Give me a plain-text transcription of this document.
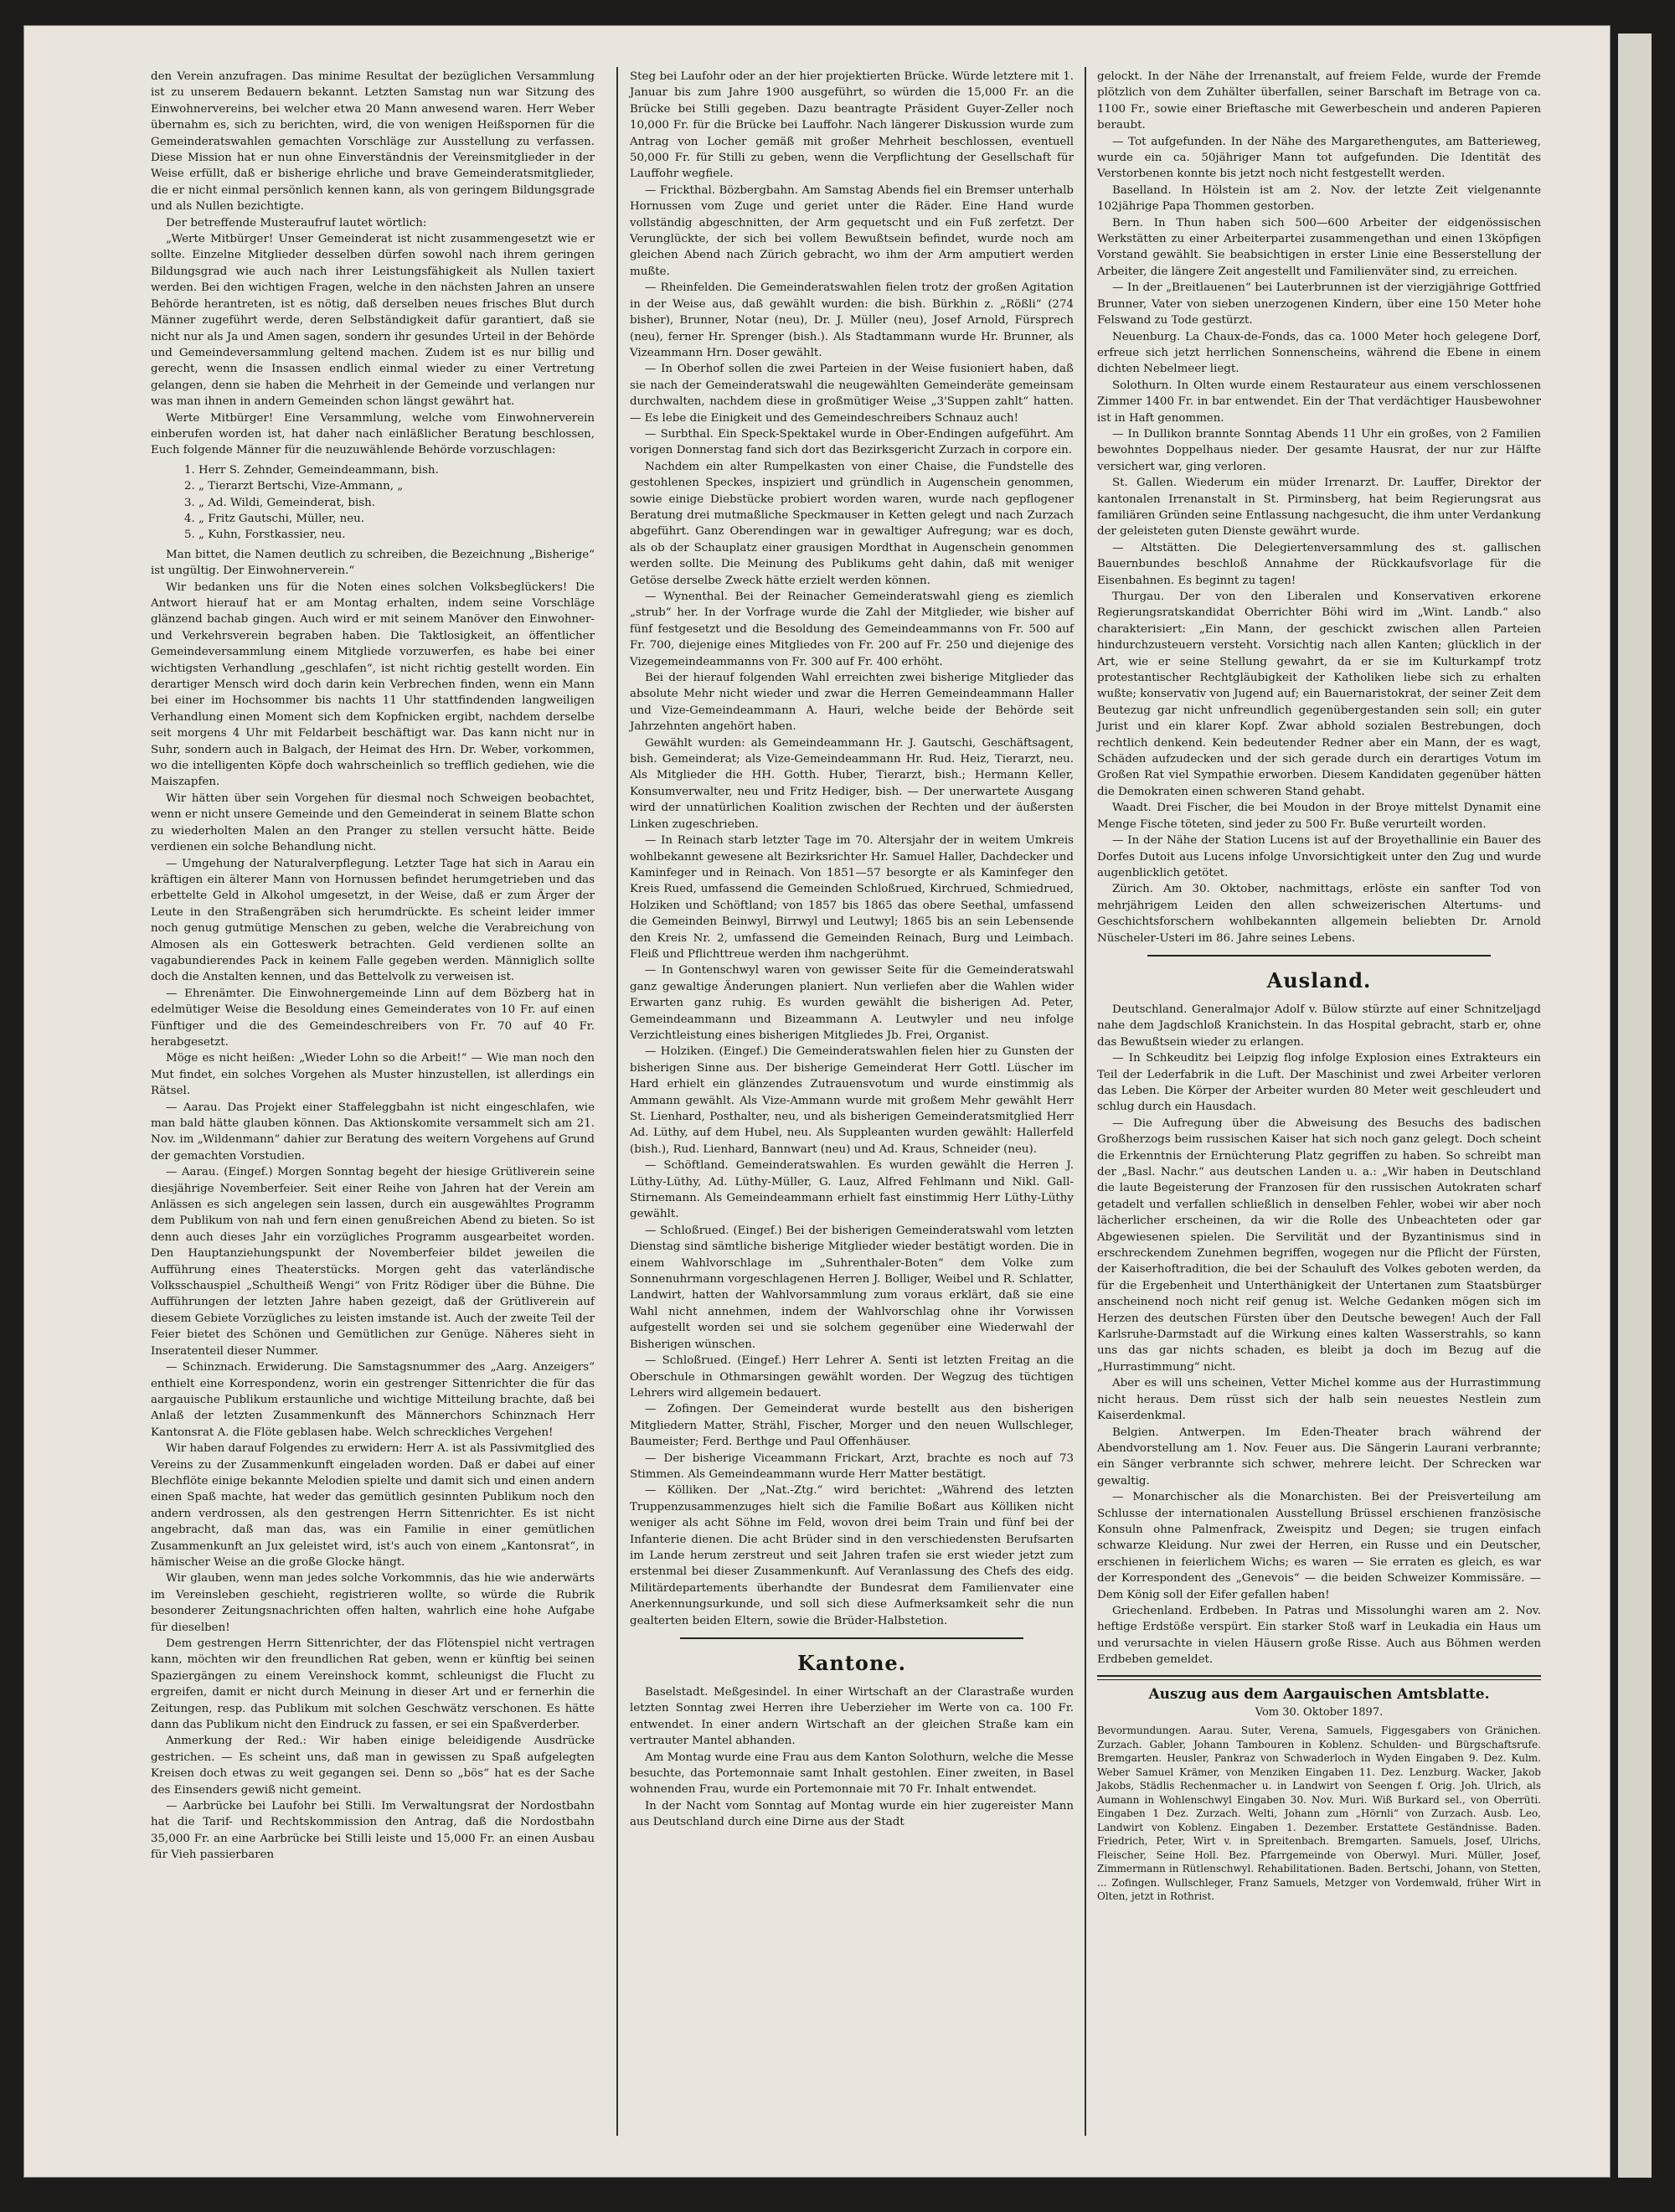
den Verein anzufragen. Das minime Resultat der bezüglichen Versammlung ist zu unserem Bedauern bekannt. Letzten Samstag nun war Sitzung des Einwohnervereins, bei welcher etwa 20 Mann anwesend waren. Herr Weber übernahm es, sich zu berichten, wird, die von wenigen Heißspornen für die Gemeinderatswahlen gemachten Vorschläge zur Ausstellung zu verfassen. Diese Mission hat er nun ohne Einverständnis der Vereinsmitglieder in der Weise erfüllt, daß er bisherige ehrliche und brave Gemeinderatsmitglieder, die er nicht einmal persönlich kennen kann, als von geringem Bildungsgrade und als Nullen bezichtigte.

Der betreffende Musteraufruf lautet wörtlich:

„Werte Mitbürger! Unser Gemeinderat ist nicht zusammengesetzt wie er sollte. Einzelne Mitglieder desselben dürfen sowohl nach ihrem geringen Bildungsgrad wie auch nach ihrer Leistungsfähigkeit als Nullen taxiert werden. Bei den wichtigen Fragen, welche in den nächsten Jahren an unsere Behörde herantreten, ist es nötig, daß derselben neues frisches Blut durch Männer zugeführt werde, deren Selbständigkeit dafür garantiert, daß sie nicht nur als Ja und Amen sagen, sondern ihr gesundes Urteil in der Behörde und Gemeindeversammlung geltend machen. Zudem ist es nur billig und gerecht, wenn die Insassen endlich einmal wieder zu einer Vertretung gelangen, denn sie haben die Mehrheit in der Gemeinde und verlangen nur was man ihnen in andern Gemeinden schon längst gewährt hat.

Werte Mitbürger! Eine Versammlung, welche vom Einwohnerverein einberufen worden ist, hat daher nach einläßlicher Beratung beschlossen, Euch folgende Männer für die neuzuwählende Behörde vorzuschlagen:

1. Herr S. Zehnder, Gemeindeammann, bish.
2. „ Tierarzt Bertschi, Vize-Ammann, „
3. „ Ad. Wildi, Gemeinderat, bish.
4. „ Fritz Gautschi, Müller, neu.
5. „ Kuhn, Forstkassier, neu.

Man bittet, die Namen deutlich zu schreiben, die Bezeichnung „Bisherige“ ist ungültig. Der Einwohnerverein.“

Wir bedanken uns für die Noten eines solchen Volksbeglückers! Die Antwort hierauf hat er am Montag erhalten, indem seine Vorschläge glänzend bachab gingen. Auch wird er mit seinem Manöver den Einwohner- und Verkehrsverein begraben haben. Die Taktlosigkeit, an öffentlicher Gemeindeversammlung einem Mitgliede vorzuwerfen, es habe bei einer wichtigsten Verhandlung „geschlafen“, ist nicht richtig gestellt worden. Ein derartiger Mensch wird doch darin kein Verbrechen finden, wenn ein Mann bei einer im Hochsommer bis nachts 11 Uhr stattfindenden langweiligen Verhandlung einen Moment sich dem Kopfnicken ergibt, nachdem derselbe seit morgens 4 Uhr mit Feldarbeit beschäftigt war. Das kann nicht nur in Suhr, sondern auch in Balgach, der Heimat des Hrn. Dr. Weber, vorkommen, wo die intelligenten Köpfe doch wahrscheinlich so trefflich gediehen, wie die Maiszapfen.

Wir hätten über sein Vorgehen für diesmal noch Schweigen beobachtet, wenn er nicht unsere Gemeinde und den Gemeinderat in seinem Blatte schon zu wiederholten Malen an den Pranger zu stellen versucht hätte. Beide verdienen ein solche Behandlung nicht.

— Umgehung der Naturalverpflegung. Letzter Tage hat sich in Aarau ein kräftigen ein älterer Mann von Hornussen befindet herumgetrieben und das erbettelte Geld in Alkohol umgesetzt, in der Weise, daß er zum Ärger der Leute in den Straßengräben sich herumdrückte. Es scheint leider immer noch genug gutmütige Menschen zu geben, welche die Verabreichung von Almosen als ein Gotteswerk betrachten. Geld verdienen sollte an vagabundierendes Pack in keinem Falle gegeben werden. Männiglich sollte doch die Anstalten kennen, und das Bettelvolk zu verweisen ist.

— Ehrenämter. Die Einwohnergemeinde Linn auf dem Bözberg hat in edelmütiger Weise die Besoldung eines Gemeinderates von 10 Fr. auf einen Fünftiger und die des Gemeindeschreibers von Fr. 70 auf 40 Fr. herabgesetzt.

Möge es nicht heißen: „Wieder Lohn so die Arbeit!“ — Wie man noch den Mut findet, ein solches Vorgehen als Muster hinzustellen, ist allerdings ein Rätsel.

— Aarau. Das Projekt einer Staffeleggbahn ist nicht eingeschlafen, wie man bald hätte glauben können. Das Aktionskomite versammelt sich am 21. Nov. im „Wildenmann“ dahier zur Beratung des weitern Vorgehens auf Grund der gemachten Vorstudien.

— Aarau. (Eingef.) Morgen Sonntag begeht der hiesige Grütliverein seine diesjährige Novemberfeier. Seit einer Reihe von Jahren hat der Verein am Anlässen es sich angelegen sein lassen, durch ein ausgewähltes Programm dem Publikum von nah und fern einen genußreichen Abend zu bieten. So ist denn auch dieses Jahr ein vorzügliches Programm ausgearbeitet worden. Den Hauptanziehungspunkt der Novemberfeier bildet jeweilen die Aufführung eines Theaterstücks. Morgen geht das vaterländische Volksschauspiel „Schultheiß Wengi“ von Fritz Rödiger über die Bühne. Die Aufführungen der letzten Jahre haben gezeigt, daß der Grütliverein auf diesem Gebiete Vorzügliches zu leisten imstande ist. Auch der zweite Teil der Feier bietet des Schönen und Gemütlichen zur Genüge. Näheres sieht in Inseratenteil dieser Nummer.

— Schinznach. Erwiderung. Die Samstagsnummer des „Aarg. Anzeigers“ enthielt eine Korrespondenz, worin ein gestrenger Sittenrichter die für das aargauische Publikum erstaunliche und wichtige Mitteilung brachte, daß bei Anlaß der letzten Zusammenkunft des Männerchors Schinznach Herr Kantonsrat A. die Flöte geblasen habe. Welch schreckliches Vergehen!

Wir haben darauf Folgendes zu erwidern: Herr A. ist als Passivmitglied des Vereins zu der Zusammenkunft eingeladen worden. Daß er dabei auf einer Blechflöte einige bekannte Melodien spielte und damit sich und einen andern einen Spaß machte, hat weder das gemütlich gesinnten Publikum noch den andern verdrossen, als den gestrengen Herrn Sittenrichter. Es ist nicht angebracht, daß man das, was ein Familie in einer gemütlichen Zusammenkunft an Jux geleistet wird, ist's auch von einem „Kantonsrat“, in hämischer Weise an die große Glocke hängt.

Wir glauben, wenn man jedes solche Vorkommnis, das hie wie anderwärts im Vereinsleben geschieht, registrieren wollte, so würde die Rubrik besonderer Zeitungsnachrichten offen halten, wahrlich eine hohe Aufgabe für dieselben!

Dem gestrengen Herrn Sittenrichter, der das Flötenspiel nicht vertragen kann, möchten wir den freundlichen Rat geben, wenn er künftig bei seinen Spaziergängen zu einem Vereinshock kommt, schleunigst die Flucht zu ergreifen, damit er nicht durch Meinung in dieser Art und er fernerhin die Zeitungen, resp. das Publikum mit solchen Geschwätz verschonen. Es hätte dann das Publikum nicht den Eindruck zu fassen, er sei ein Spaßverderber.

Anmerkung der Red.: Wir haben einige beleidigende Ausdrücke gestrichen. — Es scheint uns, daß man in gewissen zu Spaß aufgelegten Kreisen doch etwas zu weit gegangen sei. Denn so „bös“ hat es der Sache des Einsenders gewiß nicht gemeint.

— Aarbrücke bei Laufohr bei Stilli. Im Verwaltungsrat der Nordostbahn hat die Tarif- und Rechtskommission den Antrag, daß die Nordostbahn 35,000 Fr. an eine Aarbrücke bei Stilli leiste und 15,000 Fr. an einen Ausbau für Vieh passierbaren

Steg bei Laufohr oder an der hier projektierten Brücke. Würde letztere mit 1. Januar bis zum Jahre 1900 ausgeführt, so würden die 15,000 Fr. an die Brücke bei Stilli gegeben. Dazu beantragte Präsident Guyer-Zeller noch 10,000 Fr. für die Brücke bei Lauffohr. Nach längerer Diskussion wurde zum Antrag von Locher gemäß mit großer Mehrheit beschlossen, eventuell 50,000 Fr. für Stilli zu geben, wenn die Verpflichtung der Gesellschaft für Lauffohr wegfiele.

— Frickthal. Bözbergbahn. Am Samstag Abends fiel ein Bremser unterhalb Hornussen vom Zuge und geriet unter die Räder. Eine Hand wurde vollständig abgeschnitten, der Arm gequetscht und ein Fuß zerfetzt. Der Verunglückte, der sich bei vollem Bewußtsein befindet, wurde noch am gleichen Abend nach Zürich gebracht, wo ihm der Arm amputiert werden mußte.

— Rheinfelden. Die Gemeinderatswahlen fielen trotz der großen Agitation in der Weise aus, daß gewählt wurden: die bish. Bürkhin z. „Rößli“ (274 bisher), Brunner, Notar (neu), Dr. J. Müller (neu), Josef Arnold, Fürsprech (neu), ferner Hr. Sprenger (bish.). Als Stadtammann wurde Hr. Brunner, als Vizeammann Hrn. Doser gewählt.

— In Oberhof sollen die zwei Parteien in der Weise fusioniert haben, daß sie nach der Gemeinderatswahl die neugewählten Gemeinderäte gemeinsam durchwalten, nachdem diese in großmütiger Weise „3'Suppen zahlt“ hatten. — Es lebe die Einigkeit und des Gemeindeschreibers Schnauz auch!

— Surbthal. Ein Speck-Spektakel wurde in Ober-Endingen aufgeführt. Am vorigen Donnerstag fand sich dort das Bezirksgericht Zurzach in corpore ein.

Nachdem ein alter Rumpelkasten von einer Chaise, die Fundstelle des gestohlenen Speckes, inspiziert und gründlich in Augenschein genommen, sowie einige Diebstücke probiert worden waren, wurde nach gepflogener Beratung drei mutmaßliche Speckmauser in Ketten gelegt und nach Zurzach abgeführt. Ganz Oberendingen war in gewaltiger Aufregung; war es doch, als ob der Schauplatz einer grausigen Mordthat in Augenschein genommen werden sollte. Die Meinung des Publikums geht dahin, daß mit weniger Getöse derselbe Zweck hätte erzielt werden können.

— Wynenthal. Bei der Reinacher Gemeinderatswahl gieng es ziemlich „strub“ her. In der Vorfrage wurde die Zahl der Mitglieder, wie bisher auf fünf festgesetzt und die Besoldung des Gemeindeammanns von Fr. 500 auf Fr. 700, diejenige eines Mitgliedes von Fr. 200 auf Fr. 250 und diejenige des Vizegemeindeammanns von Fr. 300 auf Fr. 400 erhöht.

Bei der hierauf folgenden Wahl erreichten zwei bisherige Mitglieder das absolute Mehr nicht wieder und zwar die Herren Gemeindeammann Haller und Vize-Gemeindeammann A. Hauri, welche beide der Behörde seit Jahrzehnten angehört haben.

Gewählt wurden: als Gemeindeammann Hr. J. Gautschi, Geschäftsagent, bish. Gemeinderat; als Vize-Gemeindeammann Hr. Rud. Heiz, Tierarzt, neu. Als Mitglieder die HH. Gotth. Huber, Tierarzt, bish.; Hermann Keller, Konsumverwalter, neu und Fritz Hediger, bish. — Der unerwartete Ausgang wird der unnatürlichen Koalition zwischen der Rechten und der äußersten Linken zugeschrieben.

— In Reinach starb letzter Tage im 70. Altersjahr der in weitem Umkreis wohlbekannt gewesene alt Bezirksrichter Hr. Samuel Haller, Dachdecker und Kaminfeger und in Reinach. Von 1851—57 besorgte er als Kaminfeger den Kreis Rued, umfassend die Gemeinden Schloßrued, Kirchrued, Schmiedrued, Holziken und Schöftland; von 1857 bis 1865 das obere Seethal, umfassend die Gemeinden Beinwyl, Birrwyl und Leutwyl; 1865 bis an sein Lebensende den Kreis Nr. 2, umfassend die Gemeinden Reinach, Burg und Leimbach. Fleiß und Pflichttreue werden ihm nachgerühmt.

— In Gontenschwyl waren von gewisser Seite für die Gemeinderatswahl ganz gewaltige Änderungen planiert. Nun verliefen aber die Wahlen wider Erwarten ganz ruhig. Es wurden gewählt die bisherigen Ad. Peter, Gemeindeammann und Bizeammann A. Leutwyler und neu infolge Verzichtleistung eines bisherigen Mitgliedes Jb. Frei, Organist.

— Holziken. (Eingef.) Die Gemeinderatswahlen fielen hier zu Gunsten der bisherigen Sinne aus. Der bisherige Gemeinderat Herr Gottl. Lüscher im Hard erhielt ein glänzendes Zutrauensvotum und wurde einstimmig als Ammann gewählt. Als Vize-Ammann wurde mit großem Mehr gewählt Herr St. Lienhard, Posthalter, neu, und als bisherigen Gemeinderatsmitglied Herr Ad. Lüthy, auf dem Hubel, neu. Als Suppleanten wurden gewählt: Hallerfeld (bish.), Rud. Lienhard, Bannwart (neu) und Ad. Kraus, Schneider (neu).

— Schöftland. Gemeinderatswahlen. Es wurden gewählt die Herren J. Lüthy-Lüthy, Ad. Lüthy-Müller, G. Lauz, Alfred Fehlmann und Nikl. Gall-Stirnemann. Als Gemeindeammann erhielt fast einstimmig Herr Lüthy-Lüthy gewählt.

— Schloßrued. (Eingef.) Bei der bisherigen Gemeinderatswahl vom letzten Dienstag sind sämtliche bisherige Mitglieder wieder bestätigt worden. Die in einem Wahlvorschlage im „Suhrenthaler-Boten“ dem Volke zum Sonnenuhrmann vorgeschlagenen Herren J. Bolliger, Weibel und R. Schlatter, Landwirt, hatten der Wahlvorsammlung zum voraus erklärt, daß sie eine Wahl nicht annehmen, indem der Wahlvorschlag ohne ihr Vorwissen aufgestellt worden sei und sie solchem gegenüber eine Wiederwahl der Bisherigen wünschen.

— Schloßrued. (Eingef.) Herr Lehrer A. Senti ist letzten Freitag an die Oberschule in Othmarsingen gewählt worden. Der Wegzug des tüchtigen Lehrers wird allgemein bedauert.

— Zofingen. Der Gemeinderat wurde bestellt aus den bisherigen Mitgliedern Matter, Strähl, Fischer, Morger und den neuen Wullschleger, Baumeister; Ferd. Berthge und Paul Offenhäuser.

— Der bisherige Viceammann Frickart, Arzt, brachte es noch auf 73 Stimmen. Als Gemeindeammann wurde Herr Matter bestätigt.

— Kölliken. Der „Nat.-Ztg.“ wird berichtet: „Während des letzten Truppenzusammenzuges hielt sich die Familie Boßart aus Kölliken nicht weniger als acht Söhne im Feld, wovon drei beim Train und fünf bei der Infanterie dienen. Die acht Brüder sind in den verschiedensten Berufsarten im Lande herum zerstreut und seit Jahren trafen sie erst wieder jetzt zum erstenmal bei dieser Zusammenkunft. Auf Veranlassung des Chefs des eidg. Militärdepartements überhandte der Bundesrat dem Familienvater eine Anerkennungsurkunde, und soll sich diese Aufmerksamkeit sehr die nun gealterten beiden Eltern, sowie die Brüder-Halbstetion.

Kantone.

Baselstadt. Meßgesindel. In einer Wirtschaft an der Clarastraße wurden letzten Sonntag zwei Herren ihre Ueberzieher im Werte von ca. 100 Fr. entwendet. In einer andern Wirtschaft an der gleichen Straße kam ein vertrauter Mantel abhanden.

Am Montag wurde eine Frau aus dem Kanton Solothurn, welche die Messe besuchte, das Portemonnaie samt Inhalt gestohlen. Einer zweiten, in Basel wohnenden Frau, wurde ein Portemonnaie mit 70 Fr. Inhalt entwendet.

In der Nacht vom Sonntag auf Montag wurde ein hier zugereister Mann aus Deutschland durch eine Dirne aus der Stadt

gelockt. In der Nähe der Irrenanstalt, auf freiem Felde, wurde der Fremde plötzlich von dem Zuhälter überfallen, seiner Barschaft im Betrage von ca. 1100 Fr., sowie einer Brieftasche mit Gewerbeschein und anderen Papieren beraubt.

— Tot aufgefunden. In der Nähe des Margarethengutes, am Batterieweg, wurde ein ca. 50jähriger Mann tot aufgefunden. Die Identität des Verstorbenen konnte bis jetzt noch nicht festgestellt werden.

Baselland. In Hölstein ist am 2. Nov. der letzte Zeit vielgenannte 102jährige Papa Thommen gestorben.

Bern. In Thun haben sich 500—600 Arbeiter der eidgenössischen Werkstätten zu einer Arbeiterpartei zusammengethan und einen 13köpfigen Vorstand gewählt. Sie beabsichtigen in erster Linie eine Besserstellung der Arbeiter, die längere Zeit angestellt und Familienväter sind, zu erreichen.

— In der „Breitlauenen“ bei Lauterbrunnen ist der vierzigjährige Gottfried Brunner, Vater von sieben unerzogenen Kindern, über eine 150 Meter hohe Felswand zu Tode gestürzt.

Neuenburg. La Chaux-de-Fonds, das ca. 1000 Meter hoch gelegene Dorf, erfreue sich jetzt herrlichen Sonnenscheins, während die Ebene in einem dichten Nebelmeer liegt.

Solothurn. In Olten wurde einem Restaurateur aus einem verschlossenen Zimmer 1400 Fr. in bar entwendet. Ein der That verdächtiger Hausbewohner ist in Haft genommen.

— In Dullikon brannte Sonntag Abends 11 Uhr ein großes, von 2 Familien bewohntes Doppelhaus nieder. Der gesamte Hausrat, der nur zur Hälfte versichert war, ging verloren.

St. Gallen. Wiederum ein müder Irrenarzt. Dr. Lauffer, Direktor der kantonalen Irrenanstalt in St. Pirminsberg, hat beim Regierungsrat aus familiären Gründen seine Entlassung nachgesucht, die ihm unter Verdankung der geleisteten guten Dienste gewährt wurde.

— Altstätten. Die Delegiertenversammlung des st. gallischen Bauernbundes beschloß Annahme der Rückkaufsvorlage für die Eisenbahnen. Es beginnt zu tagen!

Thurgau. Der von den Liberalen und Konservativen erkorene Regierungsratskandidat Oberrichter Böhi wird im „Wint. Landb.“ also charakterisiert: „Ein Mann, der geschickt zwischen allen Parteien hindurchzusteuern versteht. Vorsichtig nach allen Kanten; glücklich in der Art, wie er seine Stellung gewahrt, da er sie im Kulturkampf trotz protestantischer Rechtgläubigkeit der Katholiken liebe sich zu erhalten wußte; konservativ von Jugend auf; ein Bauernaristokrat, der seiner Zeit dem Beutezug gar nicht unfreundlich gegenübergestanden sein soll; ein guter Jurist und ein klarer Kopf. Zwar abhold sozialen Bestrebungen, doch rechtlich denkend. Kein bedeutender Redner aber ein Mann, der es wagt, Schäden aufzudecken und der sich gerade durch ein derartiges Votum im Großen Rat viel Sympathie erworben. Diesem Kandidaten gegenüber hätten die Demokraten einen schweren Stand gehabt.

Waadt. Drei Fischer, die bei Moudon in der Broye mittelst Dynamit eine Menge Fische töteten, sind jeder zu 500 Fr. Buße verurteilt worden.

— In der Nähe der Station Lucens ist auf der Broyethallinie ein Bauer des Dorfes Dutoit aus Lucens infolge Unvorsichtigkeit unter den Zug und wurde augenblicklich getötet.

Zürich. Am 30. Oktober, nachmittags, erlöste ein sanfter Tod von mehrjährigem Leiden den allen schweizerischen Altertums- und Geschichtsforschern wohlbekannten allgemein beliebten Dr. Arnold Nüscheler-Usteri im 86. Jahre seines Lebens.

Ausland.

Deutschland. Generalmajor Adolf v. Bülow stürzte auf einer Schnitzeljagd nahe dem Jagdschloß Kranichstein. In das Hospital gebracht, starb er, ohne das Bewußtsein wieder zu erlangen.

— In Schkeuditz bei Leipzig flog infolge Explosion eines Extrakteurs ein Teil der Lederfabrik in die Luft. Der Maschinist und zwei Arbeiter verloren das Leben. Die Körper der Arbeiter wurden 80 Meter weit geschleudert und schlug durch ein Hausdach.

— Die Aufregung über die Abweisung des Besuchs des badischen Großherzogs beim russischen Kaiser hat sich noch ganz gelegt. Doch scheint die Erkenntnis der Ernüchterung Platz gegriffen zu haben. So schreibt man der „Basl. Nachr.“ aus deutschen Landen u. a.: „Wir haben in Deutschland die laute Begeisterung der Franzosen für den russischen Autokraten scharf getadelt und verfallen schließlich in denselben Fehler, wobei wir aber noch lächerlicher erscheinen, da wir die Rolle des Unbeachteten oder gar Abgewiesenen spielen. Die Servilität und der Byzantinismus sind in erschreckendem Zunehmen begriffen, wogegen nur die Pflicht der Fürsten, der Kaiserhoftradition, die bei der Schauluft des Volkes geboten werden, da für die Ergebenheit und Unterthänigkeit der Untertanen zum Staatsbürger anscheinend noch nicht reif genug ist. Welche Gedanken mögen sich im Herzen des deutschen Fürsten über den Deutsche bewegen! Auch der Fall Karlsruhe-Darmstadt auf die Wirkung eines kalten Wasserstrahls, so kann uns das gar nichts schaden, es bleibt ja doch im Bezug auf die „Hurrastimmung“ nicht.

Aber es will uns scheinen, Vetter Michel komme aus der Hurrastimmung nicht heraus. Dem rüsst sich der halb sein neuestes Nestlein zum Kaiserdenkmal.

Belgien. Antwerpen. Im Eden-Theater brach während der Abendvorstellung am 1. Nov. Feuer aus. Die Sängerin Laurani verbrannte; ein Sänger verbrannte sich schwer, mehrere leicht. Der Schrecken war gewaltig.

— Monarchischer als die Monarchisten. Bei der Preisverteilung am Schlusse der internationalen Ausstellung Brüssel erschienen französische Konsuln ohne Palmenfrack, Zweispitz und Degen; sie trugen einfach schwarze Kleidung. Nur zwei der Herren, ein Russe und ein Deutscher, erschienen in feierlichem Wichs; es waren — Sie erraten es gleich, es war der Korrespondent des „Genevois“ — die beiden Schweizer Kommissäre. — Dem König soll der Eifer gefallen haben!

Griechenland. Erdbeben. In Patras und Missolunghi waren am 2. Nov. heftige Erdstöße verspürt. Ein starker Stoß warf in Leukadia ein Haus um und verursachte in vielen Häusern große Risse. Auch aus Böhmen werden Erdbeben gemeldet.

Auszug aus dem Aargauischen Amtsblatte.
Vom 30. Oktober 1897.

Bevormundungen. Aarau. Suter, Verena, Samuels, Figgesgabers von Gränichen. Zurzach. Gabler, Johann Tambouren in Koblenz. Schulden- und Bürgschaftsrufe. Bremgarten. Heusler, Pankraz von Schwaderloch in Wyden Eingaben 9. Dez. Kulm. Weber Samuel Krämer, von Menziken Eingaben 11. Dez. Lenzburg. Wacker, Jakob Jakobs, Städlis Rechenmacher u. in Landwirt von Seengen f. Orig. Joh. Ulrich, als Aumann in Wohlenschwyl Eingaben 30. Nov. Muri. Wiß Burkard sel., von Oberrüti. Eingaben 1 Dez. Zurzach. Welti, Johann zum „Hörnli“ von Zurzach. Ausb. Leo, Landwirt von Koblenz. Eingaben 1. Dezember. Erstattete Geständnisse. Baden. Friedrich, Peter, Wirt v. in Spreitenbach. Bremgarten. Samuels, Josef, Ulrichs, Fleischer, Seine Holl. Bez. Pfarrgemeinde von Oberwyl. Muri. Müller, Josef, Zimmermann in Rütlenschwyl. Rehabilitationen. Baden. Bertschi, Johann, von Stetten, ... Zofingen. Wullschleger, Franz Samuels, Metzger von Vordemwald, früher Wirt in Olten, jetzt in Rothrist.
